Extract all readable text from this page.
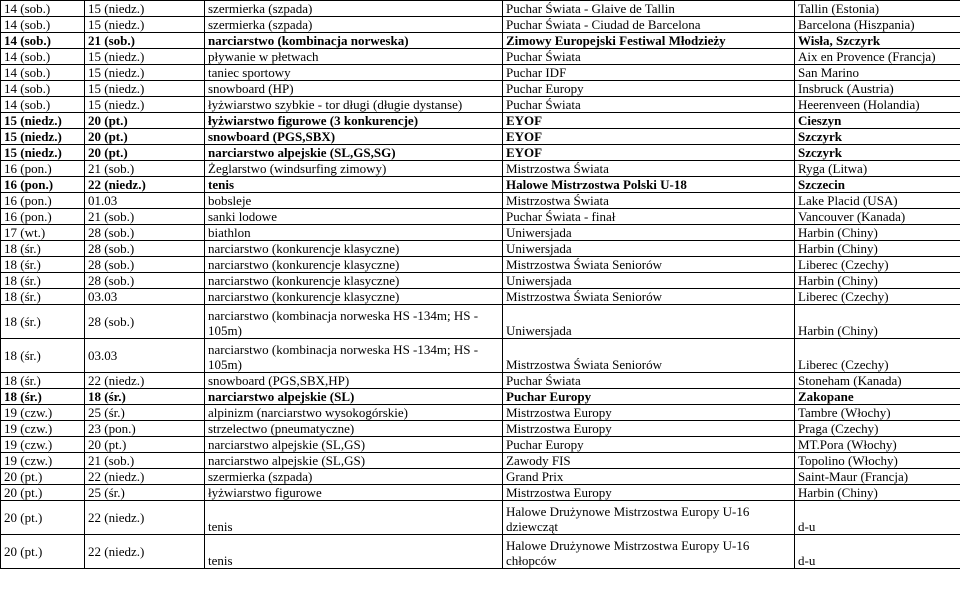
14 (sob.)	15 (niedz.)	szermierka (szpada)	Puchar Świata - Glaive de Tallin	Tallin (Estonia)
14 (sob.)	15 (niedz.)	szermierka (szpada)	Puchar Świata - Ciudad de Barcelona	Barcelona (Hiszpania)
14 (sob.)	21 (sob.)	narciarstwo (kombinacja norweska)	Zimowy Europejski Festiwal Młodzieży	Wisła, Szczyrk
14 (sob.)	15 (niedz.)	pływanie w płetwach	Puchar Świata	Aix en Provence (Francja)
14 (sob.)	15 (niedz.)	taniec sportowy	Puchar IDF	San Marino
14 (sob.)	15 (niedz.)	snowboard (HP)	Puchar Europy	Insbruck (Austria)
14 (sob.)	15 (niedz.)	łyżwiarstwo szybkie - tor długi (długie dystanse)	Puchar Świata	Heerenveen (Holandia)
15 (niedz.)	20 (pt.)	łyżwiarstwo figurowe (3 konkurencje)	EYOF	Cieszyn
15 (niedz.)	20 (pt.)	snowboard (PGS,SBX)	EYOF	Szczyrk
15 (niedz.)	20 (pt.)	narciarstwo alpejskie (SL,GS,SG)	EYOF	Szczyrk
16 (pon.)	21 (sob.)	Żeglarstwo (windsurfing zimowy)	Mistrzostwa Świata	Ryga (Litwa)
16 (pon.)	22 (niedz.)	tenis	Halowe Mistrzostwa Polski U-18	Szczecin
16 (pon.)	01.03	bobsleje	Mistrzostwa Świata	Lake Placid (USA)
16 (pon.)	21 (sob.)	sanki lodowe	Puchar Świata - finał	Vancouver (Kanada)
17 (wt.)	28 (sob.)	biathlon	Uniwersjada	Harbin (Chiny)
18 (śr.)	28 (sob.)	narciarstwo (konkurencje klasyczne)	Uniwersjada	Harbin (Chiny)
18 (śr.)	28 (sob.)	narciarstwo (konkurencje klasyczne)	Mistrzostwa Świata Seniorów	Liberec (Czechy)
18 (śr.)	28 (sob.)	narciarstwo (konkurencje klasyczne)	Uniwersjada	Harbin (Chiny)
18 (śr.)	03.03	narciarstwo (konkurencje klasyczne)	Mistrzostwa Świata Seniorów	Liberec (Czechy)
18 (śr.)	28 (sob.)	narciarstwo (kombinacja norweska HS -134m; HS - 105m)	Uniwersjada	Harbin (Chiny)
18 (śr.)	03.03	narciarstwo (kombinacja norweska HS -134m; HS - 105m)	Mistrzostwa Świata Seniorów	Liberec (Czechy)
18 (śr.)	22 (niedz.)	snowboard (PGS,SBX,HP)	Puchar Świata	Stoneham (Kanada)
18 (śr.)	18 (śr.)	narciarstwo alpejskie (SL)	Puchar Europy	Zakopane
19 (czw.)	25 (śr.)	alpinizm (narciarstwo wysokogórskie)	Mistrzostwa Europy	Tambre (Włochy)
19 (czw.)	23 (pon.)	strzelectwo (pneumatyczne)	Mistrzostwa Europy	Praga (Czechy)
19 (czw.)	20 (pt.)	narciarstwo alpejskie (SL,GS)	Puchar Europy	MT.Pora (Włochy)
19 (czw.)	21 (sob.)	narciarstwo alpejskie (SL,GS)	Zawody FIS	Topolino (Włochy)
20 (pt.)	22 (niedz.)	szermierka (szpada)	Grand Prix	Saint-Maur (Francja)
20 (pt.)	25 (śr.)	łyżwiarstwo figurowe	Mistrzostwa Europy	Harbin (Chiny)
20 (pt.)	22 (niedz.)	tenis	Halowe Drużynowe Mistrzostwa Europy U-16 dziewcząt	d-u
20 (pt.)	22 (niedz.)	tenis	Halowe Drużynowe Mistrzostwa Europy U-16 chłopców	d-u
